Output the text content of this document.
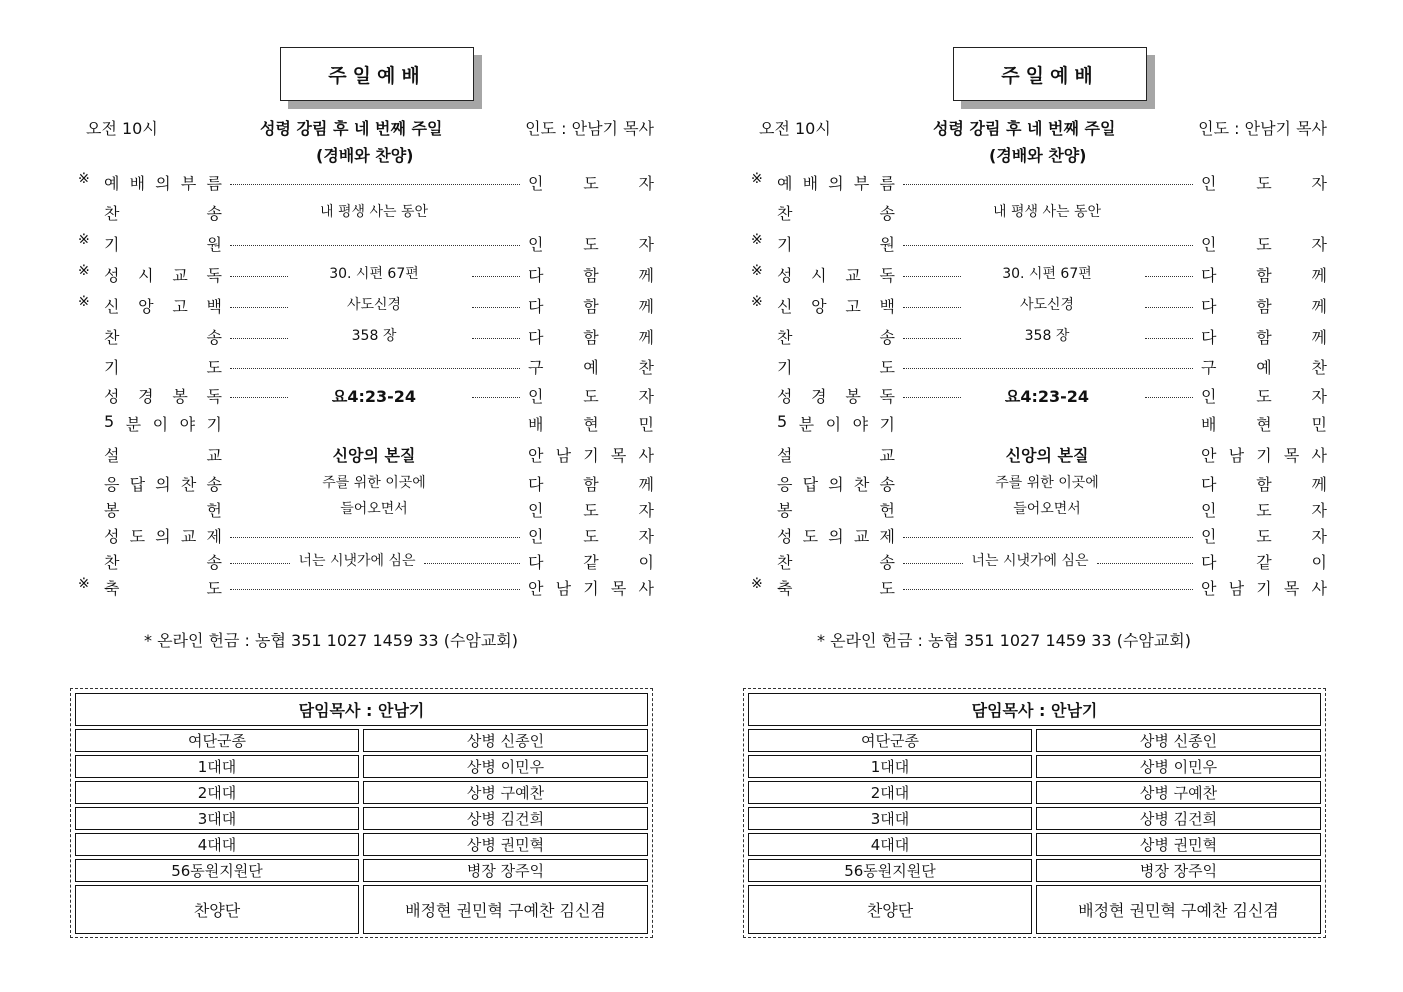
주일예배
오전 10시	성령 강림 후 네 번째 주일	인도 : 안남기 목사
(경배와 찬양)
※ 예 배 의 부 름	인 도 자
찬	송	내 평생 사는 동안
※ 기	원	인 도 자
※ 성 시 교 독	30. 시편 67편	다 함 께
※ 신 앙 고 백	사도신경	다 함 께
찬	송	358 장	다 함 께
기	도	구 예 찬
성 경 봉 독	요4:23-24	인 도 자
5 분 이 야 기	배 현 민
설	교	신앙의 본질	안 남 기 목 사
응 답 의 찬 송	주를 위한 이곳에	다 함 께
봉	헌	들어오면서	인 도 자
성 도 의 교 제	인 도 자
찬	송	너는 시냇가에 심은	다 같 이
※ 축	도	안 남 기 목 사
* 온라인 헌금 : 농협 351 1027 1459 33 (수암교회)
담임목사 : 안남기
여단군종	상병 신종인
1대대	상병 이민우
2대대	상병 구예찬
3대대	상병 김건희
4대대	상병 권민혁
56동원지원단	병장 장주익
찬양단	배정현 권민혁 구예찬 김신겸
주일예배
오전 10시	성령 강림 후 네 번째 주일	인도 : 안남기 목사
(경배와 찬양)
※ 예 배 의 부 름	인 도 자
찬	송	내 평생 사는 동안
※ 기	원	인 도 자
※ 성 시 교 독	30. 시편 67편	다 함 께
※ 신 앙 고 백	사도신경	다 함 께
찬	송	358 장	다 함 께
기	도	구 예 찬
성 경 봉 독	요4:23-24	인 도 자
5 분 이 야 기	배 현 민
설	교	신앙의 본질	안 남 기 목 사
응 답 의 찬 송	주를 위한 이곳에	다 함 께
봉	헌	들어오면서	인 도 자
성 도 의 교 제	인 도 자
찬	송	너는 시냇가에 심은	다 같 이
※ 축	도	안 남 기 목 사
* 온라인 헌금 : 농협 351 1027 1459 33 (수암교회)
담임목사 : 안남기
여단군종	상병 신종인
1대대	상병 이민우
2대대	상병 구예찬
3대대	상병 김건희
4대대	상병 권민혁
56동원지원단	병장 장주익
찬양단	배정현 권민혁 구예찬 김신겸
